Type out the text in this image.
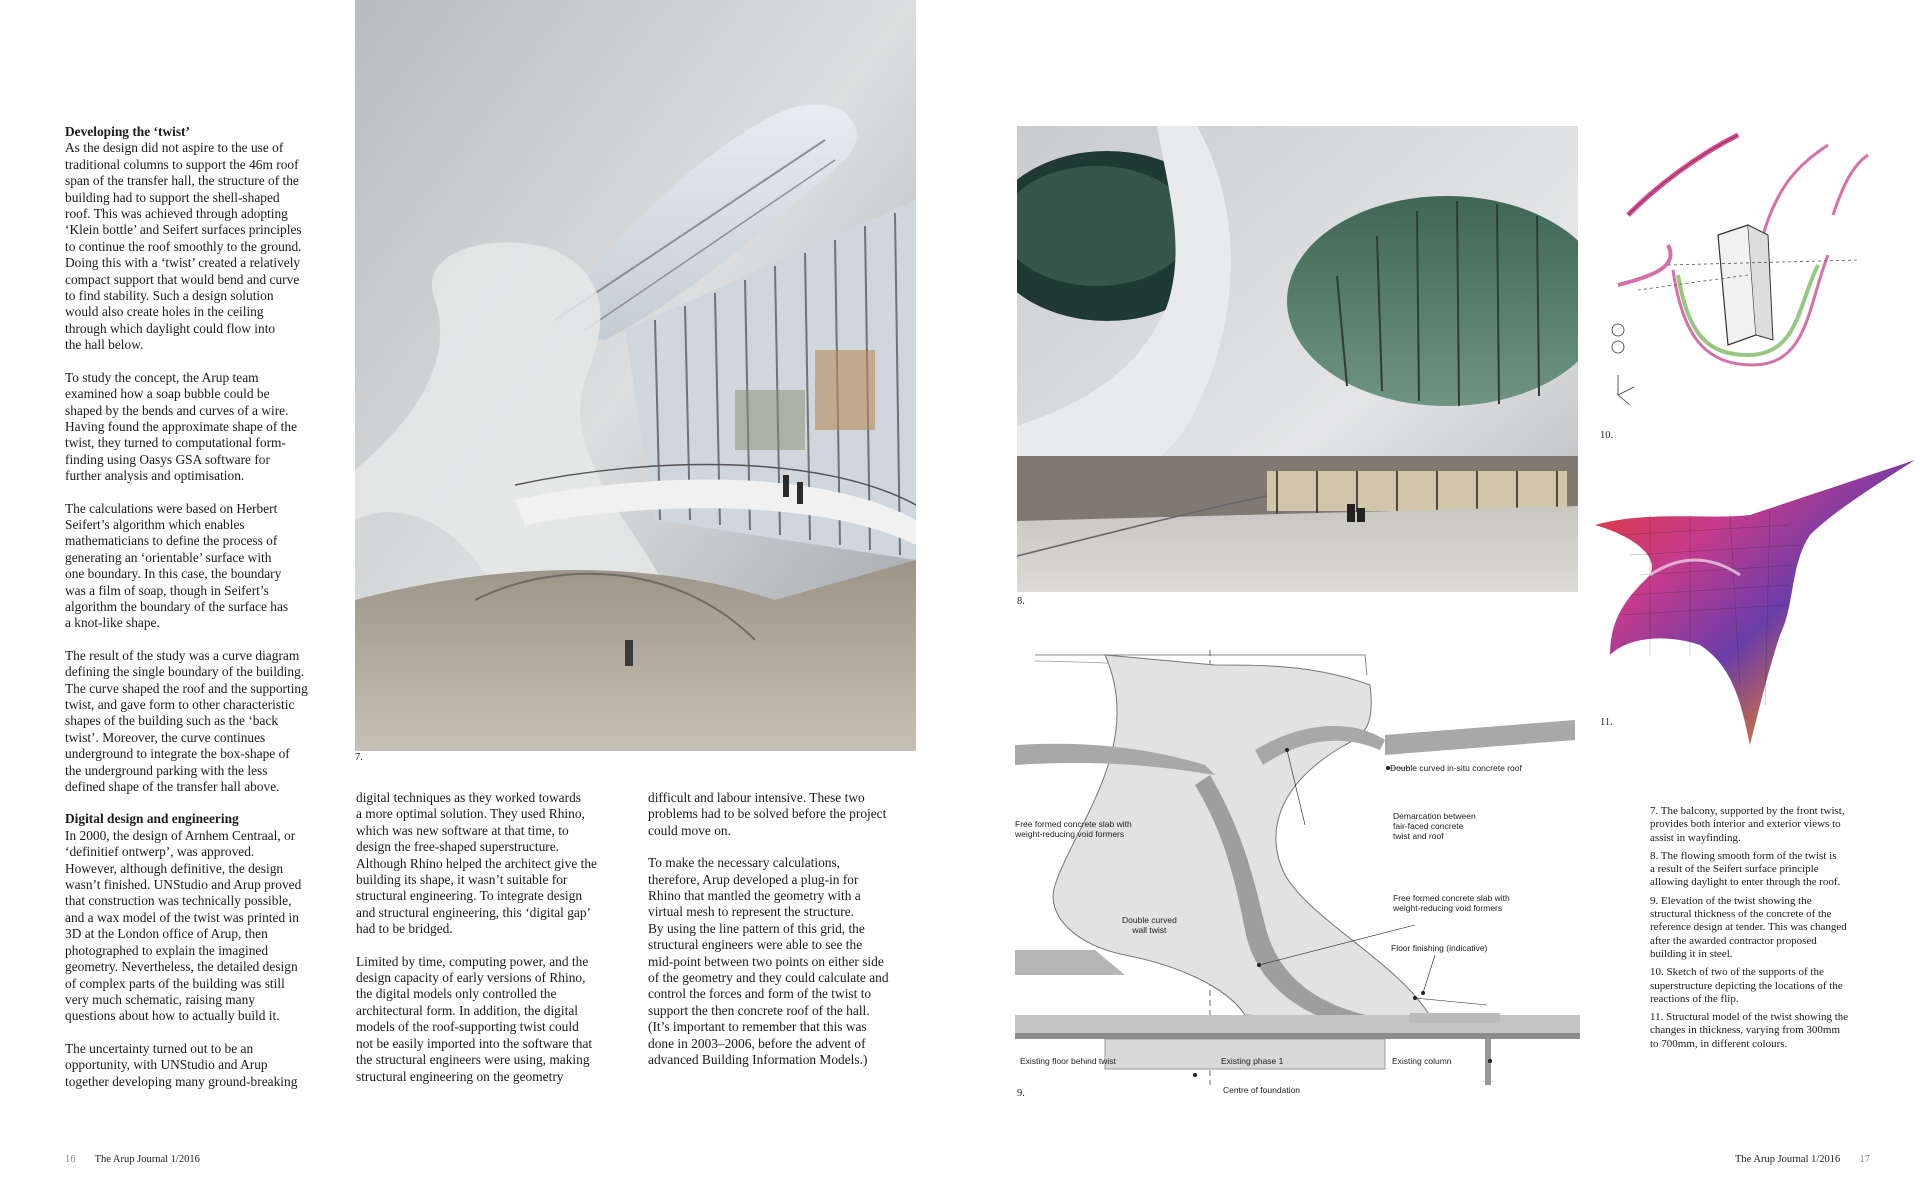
Developing the ‘twist’

As the design did not aspire to the use of
traditional columns to support the 46m roof
span of the transfer hall, the structure of the
building had to support the shell-shaped
roof. This was achieved through adopting
‘Klein bottle’ and Seifert surfaces principles
to continue the roof smoothly to the ground.
Doing this with a ‘twist’ created a relatively
compact support that would bend and curve
to find stability. Such a design solution
would also create holes in the ceiling
through which daylight could flow into
the hall below.

To study the concept, the Arup team
examined how a soap bubble could be
shaped by the bends and curves of a wire.
Having found the approximate shape of the
twist, they turned to computational form-
finding using Oasys GSA software for
further analysis and optimisation.

The calculations were based on Herbert
Seifert’s algorithm which enables
mathematicians to define the process of
generating an ‘orientable’ surface with
one boundary. In this case, the boundary
was a film of soap, though in Seifert’s
algorithm the boundary of the surface has
a knot-like shape.

The result of the study was a curve diagram
defining the single boundary of the building.
The curve shaped the roof and the supporting
twist, and gave form to other characteristic
shapes of the building such as the ‘back
twist’. Moreover, the curve continues
underground to integrate the box-shape of
the underground parking with the less
defined shape of the transfer hall above.

Digital design and engineering

In 2000, the design of Arnhem Centraal, or
‘definitief ontwerp’, was approved.
However, although definitive, the design
wasn’t finished. UNStudio and Arup proved
that construction was technically possible,
and a wax model of the twist was printed in
3D at the London office of Arup, then
photographed to explain the imagined
geometry. Nevertheless, the detailed design
of complex parts of the building was still
very much schematic, raising many
questions about how to actually build it.

The uncertainty turned out to be an
opportunity, with UNStudio and Arup
together developing many ground-breaking

7.

digital techniques as they worked towards
a more optimal solution. They used Rhino,
which was new software at that time, to
design the free-shaped superstructure.
Although Rhino helped the architect give the
building its shape, it wasn’t suitable for
structural engineering. To integrate design
and structural engineering, this ‘digital gap’
had to be bridged.

Limited by time, computing power, and the
design capacity of early versions of Rhino,
the digital models only controlled the
architectural form. In addition, the digital
models of the roof-supporting twist could
not be easily imported into the software that
the structural engineers were using, making
structural engineering on the geometry

difficult and labour intensive. These two
problems had to be solved before the project
could move on.

To make the necessary calculations,
therefore, Arup developed a plug-in for
Rhino that mantled the geometry with a
virtual mesh to represent the structure.
By using the line pattern of this grid, the
structural engineers were able to see the
mid-point between two points on either side
of the geometry and they could calculate and
control the forces and form of the twist to
support the then concrete roof of the hall.
(It’s important to remember that this was
done in 2003–2006, before the advent of
advanced Building Information Models.)

16 The Arup Journal 1/2016
8.
Double curved in-situ concrete roof
Demarcation between
fair-faced concrete
twist and roof
Free formed concrete slab with
weight-reducing void formers
Free formed concrete slab with
weight-reducing void formers
Double curved
wall twist
Floor finishing (indicative)
Existing floor behind twist	Existing phase 1	Existing column
Centre of foundation
9.
10.
11.

7. The balcony, supported by the front twist,
provides both interior and exterior views to
assist in wayfinding.

8. The flowing smooth form of the twist is
a result of the Seifert surface principle
allowing daylight to enter through the roof.

9. Elevation of the twist showing the
structural thickness of the concrete of the
reference design at tender. This was changed
after the awarded contractor proposed
building it in steel.

10. Sketch of two of the supports of the
superstructure depicting the locations of the
reactions of the flip.

11. Structural model of the twist showing the
changes in thickness, varying from 300mm
to 700mm, in different colours.

The Arup Journal 1/2016 17
